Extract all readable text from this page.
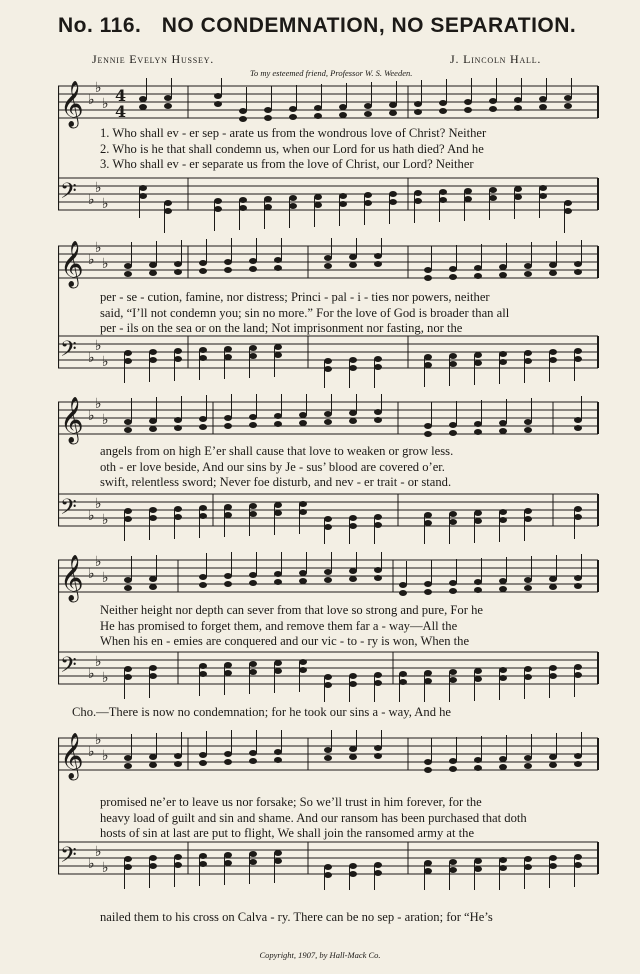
No. 116. NO CONDEMNATION, NO SEPARATION.
Jennie Evelyn Hussey.	J. Lincoln Hall.
To my esteemed friend, Professor W. S. Weeden.
𝄞 ♭
♭
♭
𝄢 ♭
♭
♭
4
4
1. Who shall ev - er sep - arate us from the wondrous love of Christ? Neither
2. Who is he that shall condemn us, when our Lord for us hath died? And he
3. Who shall ev - er separate us from the love of Christ, our Lord? Neither
𝄞 ♭
♭
♭
𝄢 ♭
♭
♭
per - se - cution, famine, nor distress; Princi - pal - i - ties nor powers, neither
said, “I’ll not condemn you; sin no more.” For the love of God is broader than all
per - ils on the sea or on the land; Not imprisonment nor fasting, nor the
𝄞 ♭
♭
♭
𝄢 ♭
♭
♭
angels from on high E’er shall cause that love to weaken or grow less.
oth - er love beside, And our sins by Je - sus’ blood are covered o’er.
swift, relentless sword; Never foe disturb, and nev - er trait - or stand.
𝄞 ♭
♭
♭
𝄢 ♭
♭
♭
Neither height nor depth can sever from that love so strong and pure, For he
He has promised to forget them, and remove them far a - way—All the
When his en - emies are conquered and our vic - to - ry is won, When the
Cho.—There is now no condemnation; for he took our sins a - way, And he
𝄞 ♭
♭
♭
𝄢 ♭
♭
♭
promised ne’er to leave us nor forsake; So we’ll trust in him forever, for the
heavy load of guilt and sin and shame. And our ransom has been purchased that doth
hosts of sin at last are put to flight, We shall join the ransomed army at the
nailed them to his cross on Calva - ry. There can be no sep - aration; for “He’s
Copyright, 1907, by Hall-Mack Co.
